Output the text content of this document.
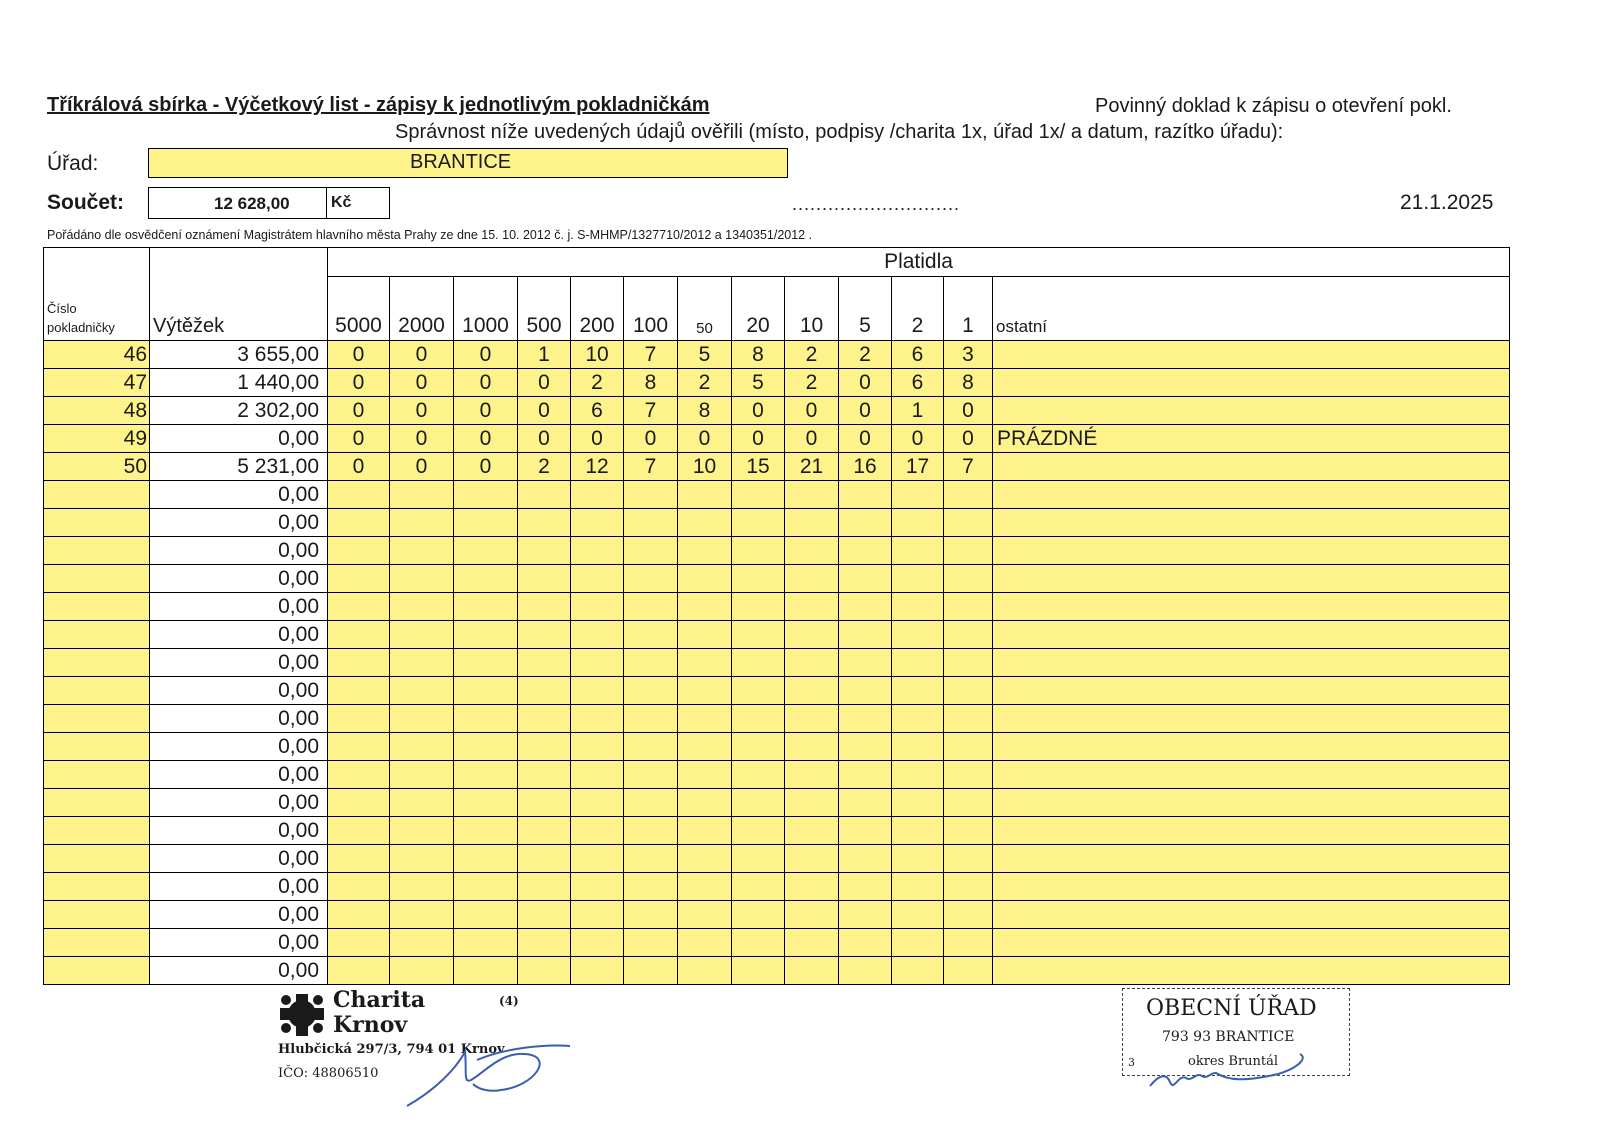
Tříkrálová sbírka - Výčetkový list - zápisy k jednotlivým pokladničkám	Povinný doklad k zápisu o otevření pokl.
Správnost níže uvedených údajů ověřili (místo, podpisy /charita 1x, úřad 1x/ a datum, razítko úřadu):
Úřad:	BRANTICE
Součet:	12 628,00	Kč	............................	21.1.2025
Pořádáno dle osvědčení oznámení Magistrátem hlavního města Prahy ze dne 15. 10. 2012 č. j. S-MHMP/1327710/2012 a 1340351/2012 .
Číslo
pokladničky	Výtěžek	Platidla												
		5000	2000	1000	500	200	100	50	20	10	5	2	1	ostatní
46	3 655,00	0	0	0	1	10	7	5	8	2	2	6	3	
47	1 440,00	0	0	0	0	2	8	2	5	2	0	6	8	
48	2 302,00	0	0	0	0	6	7	8	0	0	0	1	0	
49	0,00	0	0	0	0	0	0	0	0	0	0	0	0	PRÁZDNÉ
50	5 231,00	0	0	0	2	12	7	10	15	21	16	17	7	
	0,00													
	0,00													
	0,00													
	0,00													
	0,00													
	0,00													
	0,00													
	0,00													
	0,00													
	0,00													
	0,00													
	0,00													
	0,00													
	0,00													
	0,00													
	0,00													
	0,00													
	0,00													
Charita
Krnov
Hlubčická 297/3, 794 01 Krnov
IČO: 48806510
(4)	OBECNÍ ÚŘAD
793 93 BRANTICE
okres Bruntál
3
